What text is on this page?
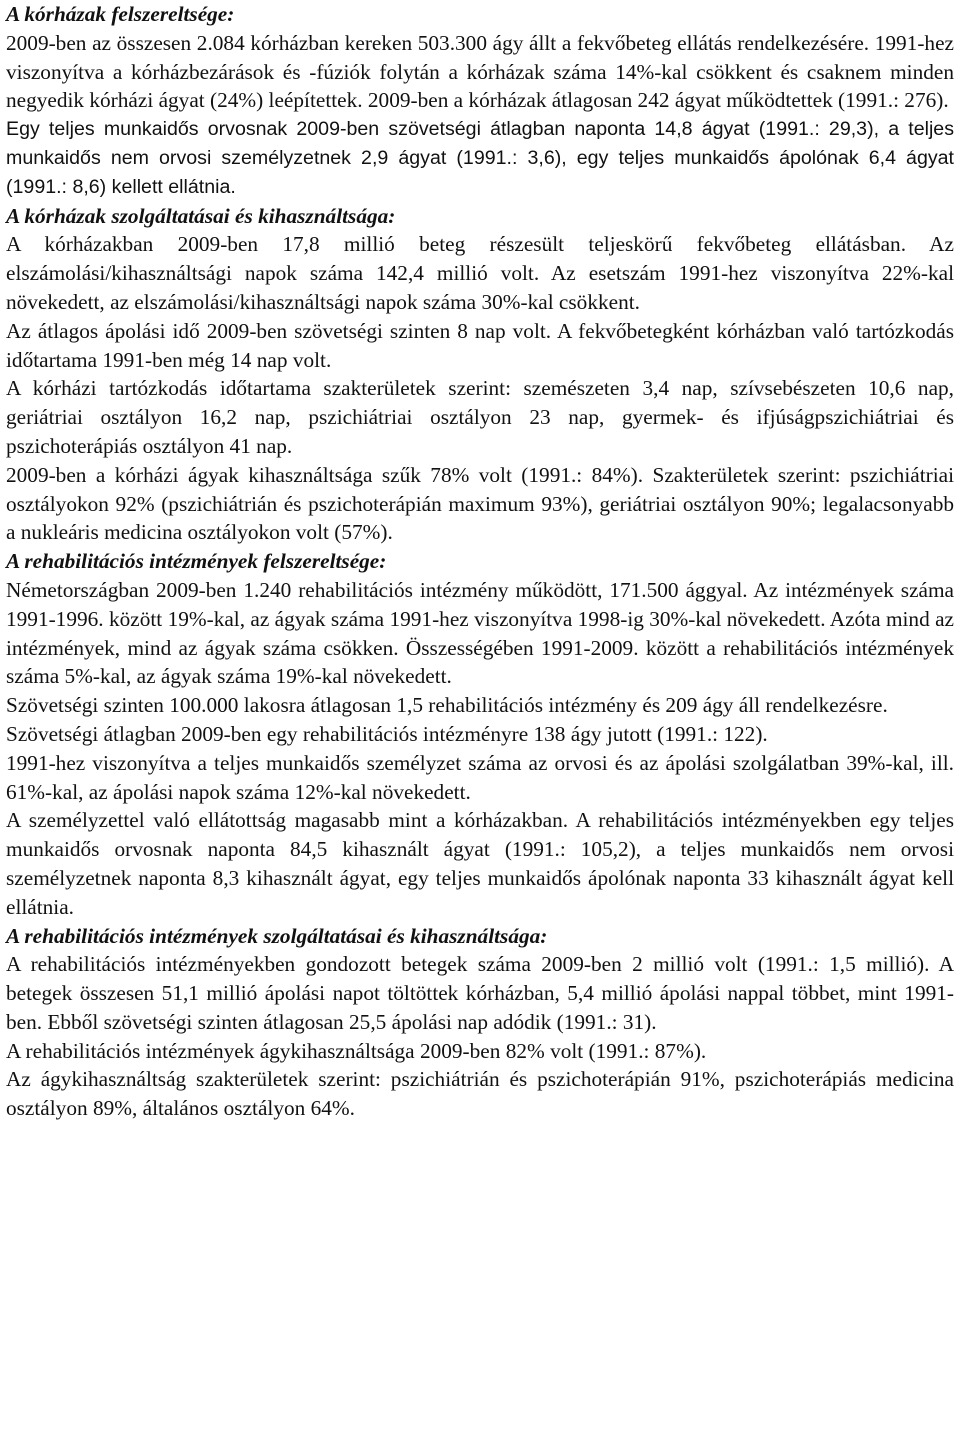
A kórházak felszereltsége:

2009-ben az összesen 2.084 kórházban kereken 503.300 ágy állt a fekvőbeteg ellátás rendelkezésére. 1991-hez viszonyítva a kórházbezárások és -fúziók folytán a kórházak száma 14%-kal csökkent és csaknem minden negyedik kórházi ágyat (24%) leépítettek. 2009-ben a kórházak átlagosan 242 ágyat működtettek (1991.: 276).

Egy teljes munkaidős orvosnak 2009-ben szövetségi átlagban naponta 14,8 ágyat (1991.: 29,3), a teljes munkaidős nem orvosi személyzetnek 2,9 ágyat (1991.: 3,6), egy teljes munkaidős ápolónak 6,4 ágyat (1991.: 8,6) kellett ellátnia.

A kórházak szolgáltatásai és kihasználtsága:

A kórházakban 2009-ben 17,8 millió beteg részesült teljeskörű fekvőbeteg ellátásban. Az elszámolási/kihasználtsági napok száma 142,4 millió volt. Az esetszám 1991-hez viszonyítva 22%-kal növekedett, az elszámolási/kihasználtsági napok száma 30%-kal csökkent.

Az átlagos ápolási idő 2009-ben szövetségi szinten 8 nap volt. A fekvőbetegként kórházban való tartózkodás időtartama 1991-ben még 14 nap volt.

A kórházi tartózkodás időtartama szakterületek szerint: szemészeten 3,4 nap, szívsebészeten 10,6 nap, geriátriai osztályon 16,2 nap, pszichiátriai osztályon 23 nap, gyermek- és ifjúságpszichiátriai és pszichoterápiás osztályon 41 nap.

2009-ben a kórházi ágyak kihasználtsága szűk 78% volt (1991.: 84%). Szakterületek szerint: pszichiátriai osztályokon 92% (pszichiátrián és pszichoterápián maximum 93%), geriátriai osztályon 90%; legalacsonyabb a nukleáris medicina osztályokon volt (57%).

A rehabilitációs intézmények felszereltsége:

Németországban 2009-ben 1.240 rehabilitációs intézmény működött, 171.500 ággyal. Az intézmények száma 1991-1996. között 19%-kal, az ágyak száma 1991-hez viszonyítva 1998-ig 30%-kal növekedett. Azóta mind az intézmények, mind az ágyak száma csökken. Összességében 1991-2009. között a rehabilitációs intézmények száma 5%-kal, az ágyak száma 19%-kal növekedett.

Szövetségi szinten 100.000 lakosra átlagosan 1,5 rehabilitációs intézmény és 209 ágy áll rendelkezésre.

Szövetségi átlagban 2009-ben egy rehabilitációs intézményre 138 ágy jutott (1991.: 122).

1991-hez viszonyítva a teljes munkaidős személyzet száma az orvosi és az ápolási szolgálatban 39%-kal, ill. 61%-kal, az ápolási napok száma 12%-kal növekedett.

A személyzettel való ellátottság magasabb mint a kórházakban. A rehabilitációs intézményekben egy teljes munkaidős orvosnak naponta 84,5 kihasznált ágyat (1991.: 105,2), a teljes munkaidős nem orvosi személyzetnek naponta 8,3 kihasznált ágyat, egy teljes munkaidős ápolónak naponta 33 kihasznált ágyat kell ellátnia.

A rehabilitációs intézmények szolgáltatásai és kihasználtsága:

A rehabilitációs intézményekben gondozott betegek száma 2009-ben 2 millió volt (1991.: 1,5 millió). A betegek összesen 51,1 millió ápolási napot töltöttek kórházban, 5,4 millió ápolási nappal többet, mint 1991-ben. Ebből szövetségi szinten átlagosan 25,5 ápolási nap adódik (1991.: 31).

A rehabilitációs intézmények ágykihasználtsága 2009-ben 82% volt (1991.: 87%).

Az ágykihasználtság szakterületek szerint: pszichiátrián és pszichoterápián 91%, pszichoterápiás medicina osztályon 89%, általános osztályon 64%.
